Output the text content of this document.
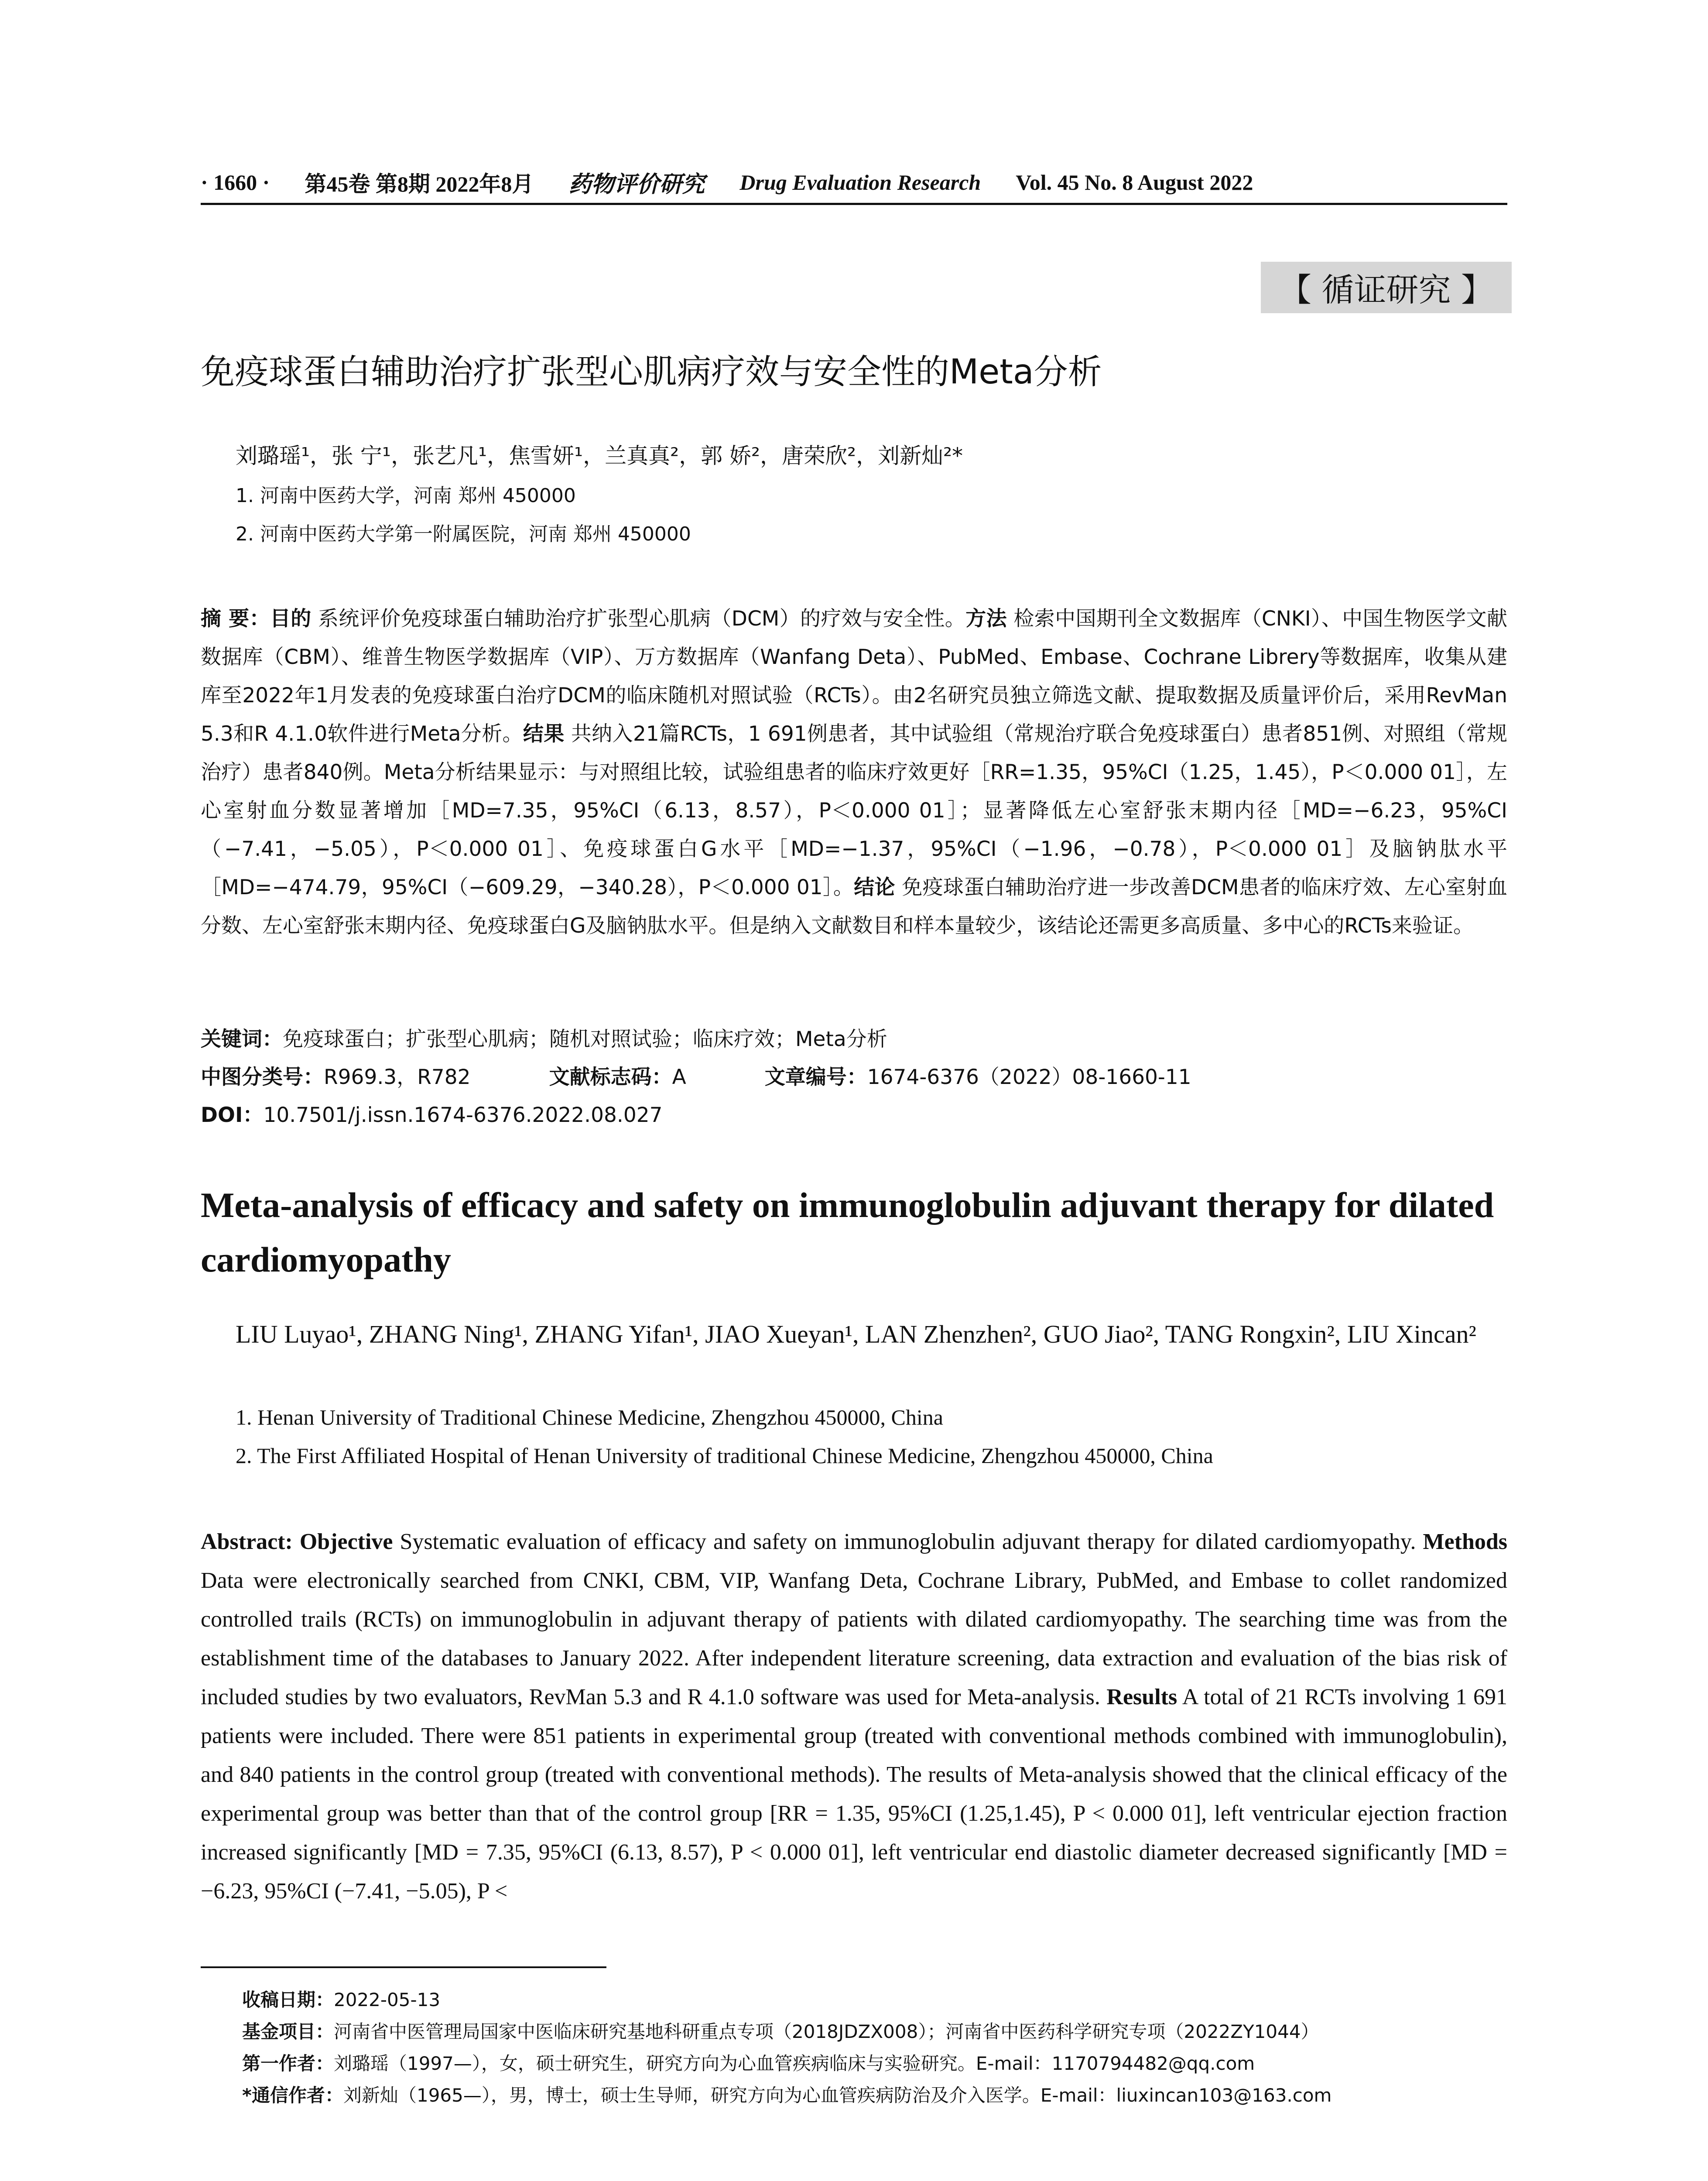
· 1660 · 第45卷 第8期 2022年8月 药物评价研究 Drug Evaluation Research Vol. 45 No. 8 August 2022
【 循证研究 】
免疫球蛋白辅助治疗扩张型心肌病疗效与安全性的Meta分析
刘璐瑶¹，张 宁¹，张艺凡¹，焦雪妍¹，兰真真²，郭 娇²，唐荣欣²，刘新灿²*
1. 河南中医药大学，河南 郑州 450000
2. 河南中医药大学第一附属医院，河南 郑州 450000
摘 要：目的 系统评价免疫球蛋白辅助治疗扩张型心肌病（DCM）的疗效与安全性。方法 检索中国期刊全文数据库（CNKI）、中国生物医学文献数据库（CBM）、维普生物医学数据库（VIP）、万方数据库（Wanfang Deta）、PubMed、Embase、Cochrane Librery等数据库，收集从建库至2022年1月发表的免疫球蛋白治疗DCM的临床随机对照试验（RCTs）。由2名研究员独立筛选文献、提取数据及质量评价后，采用RevMan 5.3和R 4.1.0软件进行Meta分析。结果 共纳入21篇RCTs，1 691例患者，其中试验组（常规治疗联合免疫球蛋白）患者851例、对照组（常规治疗）患者840例。Meta分析结果显示：与对照组比较，试验组患者的临床疗效更好［RR=1.35，95%CI（1.25，1.45），P＜0.000 01］，左心室射血分数显著增加［MD=7.35，95%CI（6.13，8.57），P＜0.000 01］；显著降低左心室舒张末期内径［MD=−6.23，95%CI（−7.41，−5.05），P＜0.000 01］、免疫球蛋白G水平［MD=−1.37，95%CI（−1.96，−0.78），P＜0.000 01］及脑钠肽水平［MD=−474.79，95%CI（−609.29，−340.28），P＜0.000 01］。结论 免疫球蛋白辅助治疗进一步改善DCM患者的临床疗效、左心室射血分数、左心室舒张末期内径、免疫球蛋白G及脑钠肽水平。但是纳入文献数目和样本量较少，该结论还需更多高质量、多中心的RCTs来验证。
关键词：免疫球蛋白；扩张型心肌病；随机对照试验；临床疗效；Meta分析
中图分类号：R969.3，R782	文献标志码：A	文章编号：1674-6376（2022）08-1660-11
DOI：10.7501/j.issn.1674-6376.2022.08.027
Meta-analysis of efficacy and safety on immunoglobulin adjuvant therapy for dilated cardiomyopathy
LIU Luyao¹, ZHANG Ning¹, ZHANG Yifan¹, JIAO Xueyan¹, LAN Zhenzhen², GUO Jiao², TANG Rongxin², LIU Xincan²
1. Henan University of Traditional Chinese Medicine, Zhengzhou 450000, China
2. The First Affiliated Hospital of Henan University of traditional Chinese Medicine, Zhengzhou 450000, China
Abstract: Objective Systematic evaluation of efficacy and safety on immunoglobulin adjuvant therapy for dilated cardiomyopathy. Methods Data were electronically searched from CNKI, CBM, VIP, Wanfang Deta, Cochrane Library, PubMed, and Embase to collet randomized controlled trails (RCTs) on immunoglobulin in adjuvant therapy of patients with dilated cardiomyopathy. The searching time was from the establishment time of the databases to January 2022. After independent literature screening, data extraction and evaluation of the bias risk of included studies by two evaluators, RevMan 5.3 and R 4.1.0 software was used for Meta-analysis. Results A total of 21 RCTs involving 1 691 patients were included. There were 851 patients in experimental group (treated with conventional methods combined with immunoglobulin), and 840 patients in the control group (treated with conventional methods). The results of Meta-analysis showed that the clinical efficacy of the experimental group was better than that of the control group [RR = 1.35, 95%CI (1.25,1.45), P < 0.000 01], left ventricular ejection fraction increased significantly [MD = 7.35, 95%CI (6.13, 8.57), P < 0.000 01], left ventricular end diastolic diameter decreased significantly [MD = −6.23, 95%CI (−7.41, −5.05), P <
收稿日期：2022-05-13
基金项目：河南省中医管理局国家中医临床研究基地科研重点专项（2018JDZX008）；河南省中医药科学研究专项（2022ZY1044）
第一作者：刘璐瑶（1997—），女，硕士研究生，研究方向为心血管疾病临床与实验研究。E-mail：1170794482@qq.com
*通信作者：刘新灿（1965—），男，博士，硕士生导师，研究方向为心血管疾病防治及介入医学。E-mail：liuxincan103@163.com
